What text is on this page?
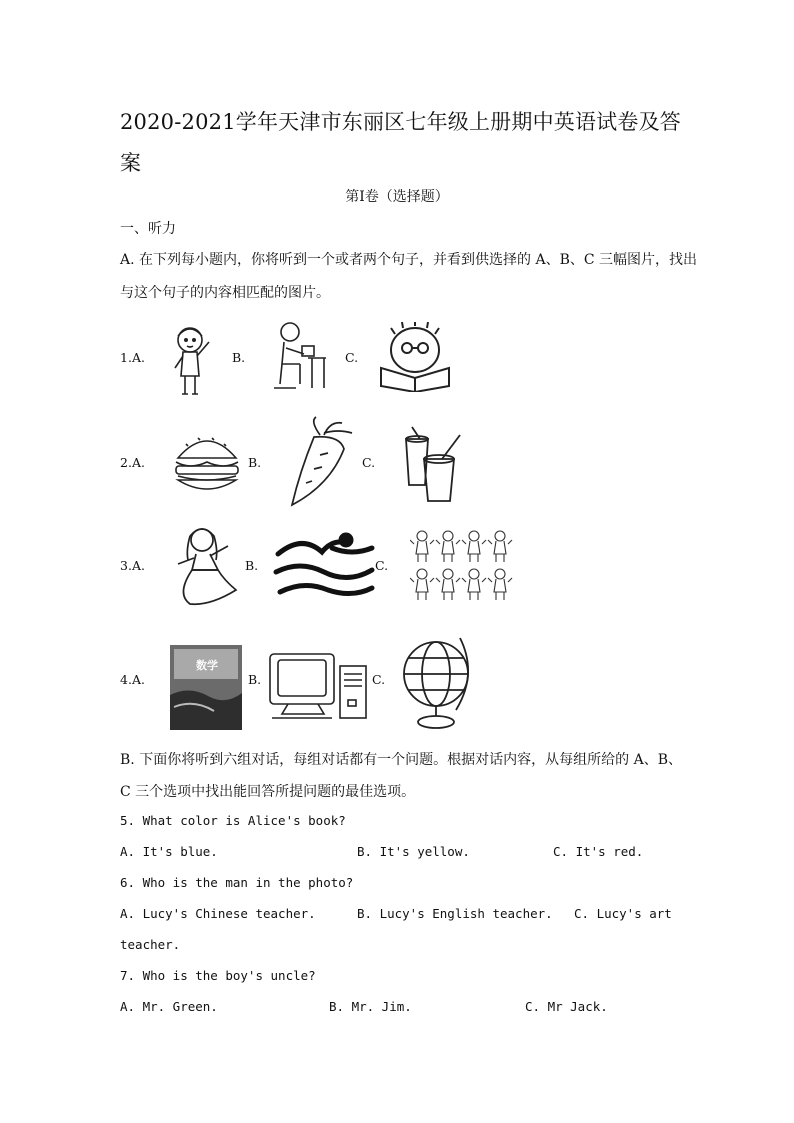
2020-2021学年天津市东丽区七年级上册期中英语试卷及答
案
第Ⅰ卷（选择题）
一、听力
A. 在下列每小题内，你将听到一个或者两个句子，并看到供选择的 A、B、C 三幅图片，找出
与这个句子的内容相匹配的图片。
1.A.	B.	C.
2.A.	B.	C.
3.A.	B.	C.
4.A.
数学
B.	C.
B. 下面你将听到六组对话，每组对话都有一个问题。根据对话内容，从每组所给的 A、B、
C 三个选项中找出能回答所提问题的最佳选项。
5. What color is Alice's book?
A. It's blue.	B. It's yellow.	C. It's red.
6. Who is the man in the photo?
A. Lucy's Chinese teacher.	B. Lucy's English teacher. C. Lucy's art
teacher.
7. Who is the boy's uncle?
A. Mr. Green.	B. Mr. Jim.	C. Mr Jack.
